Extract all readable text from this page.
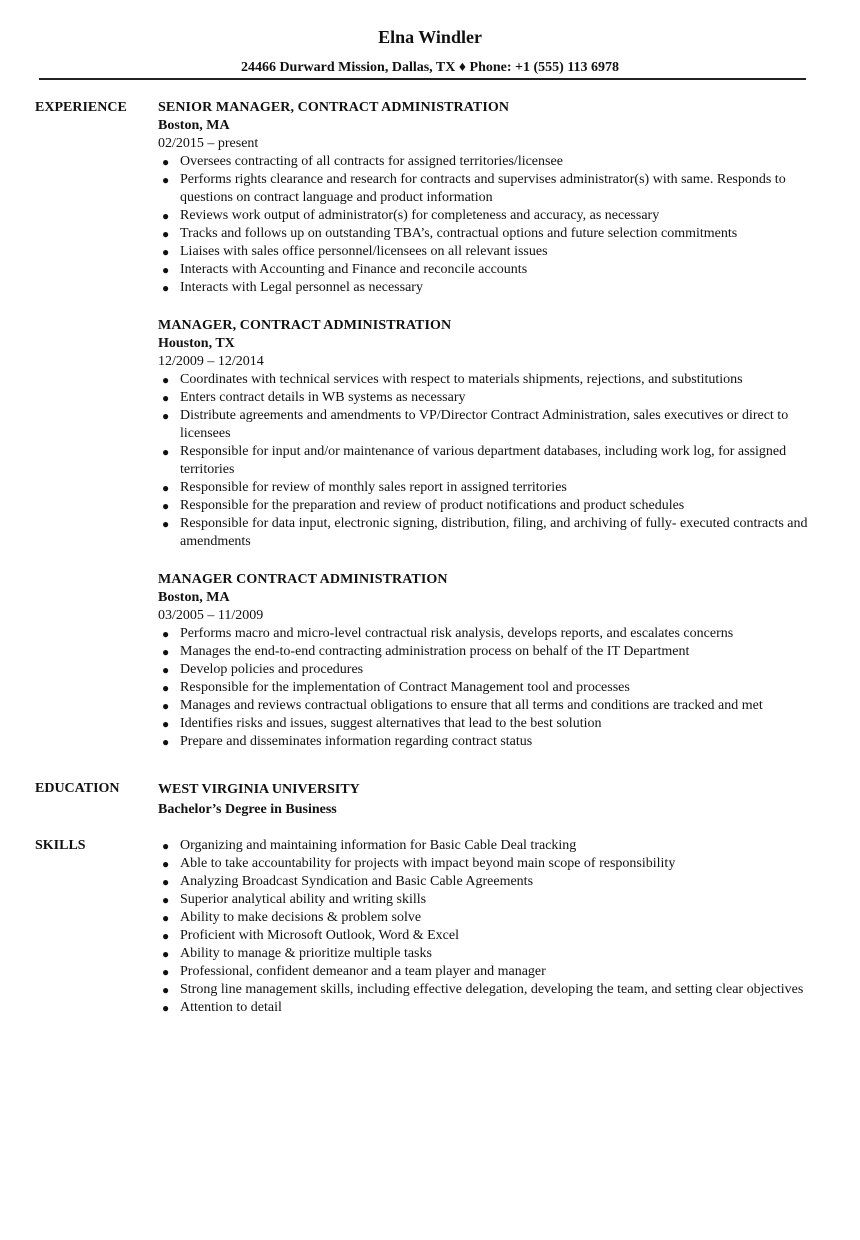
Elna Windler
24466 Durward Mission, Dallas, TX ♦ Phone: +1 (555) 113 6978
EXPERIENCE SENIOR MANAGER, CONTRACT ADMINISTRATION
Boston, MA
02/2015 – present
● Oversees contracting of all contracts for assigned territories/licensee
● Performs rights clearance and research for contracts and supervises administrator(s) with same. Responds to questions on contract language and product information
● Reviews work output of administrator(s) for completeness and accuracy, as necessary
● Tracks and follows up on outstanding TBA’s, contractual options and future selection commitments
● Liaises with sales office personnel/licensees on all relevant issues
● Interacts with Accounting and Finance and reconcile accounts
● Interacts with Legal personnel as necessary
MANAGER, CONTRACT ADMINISTRATION
Houston, TX
12/2009 – 12/2014
● Coordinates with technical services with respect to materials shipments, rejections, and substitutions
● Enters contract details in WB systems as necessary
● Distribute agreements and amendments to VP/Director Contract Administration, sales executives or direct to licensees
● Responsible for input and/or maintenance of various department databases, including work log, for assigned territories
● Responsible for review of monthly sales report in assigned territories
● Responsible for the preparation and review of product notifications and product schedules
● Responsible for data input, electronic signing, distribution, filing, and archiving of fully- executed contracts and amendments
MANAGER CONTRACT ADMINISTRATION
Boston, MA
03/2005 – 11/2009
● Performs macro and micro-level contractual risk analysis, develops reports, and escalates concerns
● Manages the end-to-end contracting administration process on behalf of the IT Department
● Develop policies and procedures
● Responsible for the implementation of Contract Management tool and processes
● Manages and reviews contractual obligations to ensure that all terms and conditions are tracked and met
● Identifies risks and issues, suggest alternatives that lead to the best solution
● Prepare and disseminates information regarding contract status
EDUCATION	WEST VIRGINIA UNIVERSITY
Bachelor’s Degree in Business
SKILLS	● Organizing and maintaining information for Basic Cable Deal tracking
● Able to take accountability for projects with impact beyond main scope of responsibility
● Analyzing Broadcast Syndication and Basic Cable Agreements
● Superior analytical ability and writing skills
● Ability to make decisions & problem solve
● Proficient with Microsoft Outlook, Word & Excel
● Ability to manage & prioritize multiple tasks
● Professional, confident demeanor and a team player and manager
● Strong line management skills, including effective delegation, developing the team, and setting clear objectives
● Attention to detail
